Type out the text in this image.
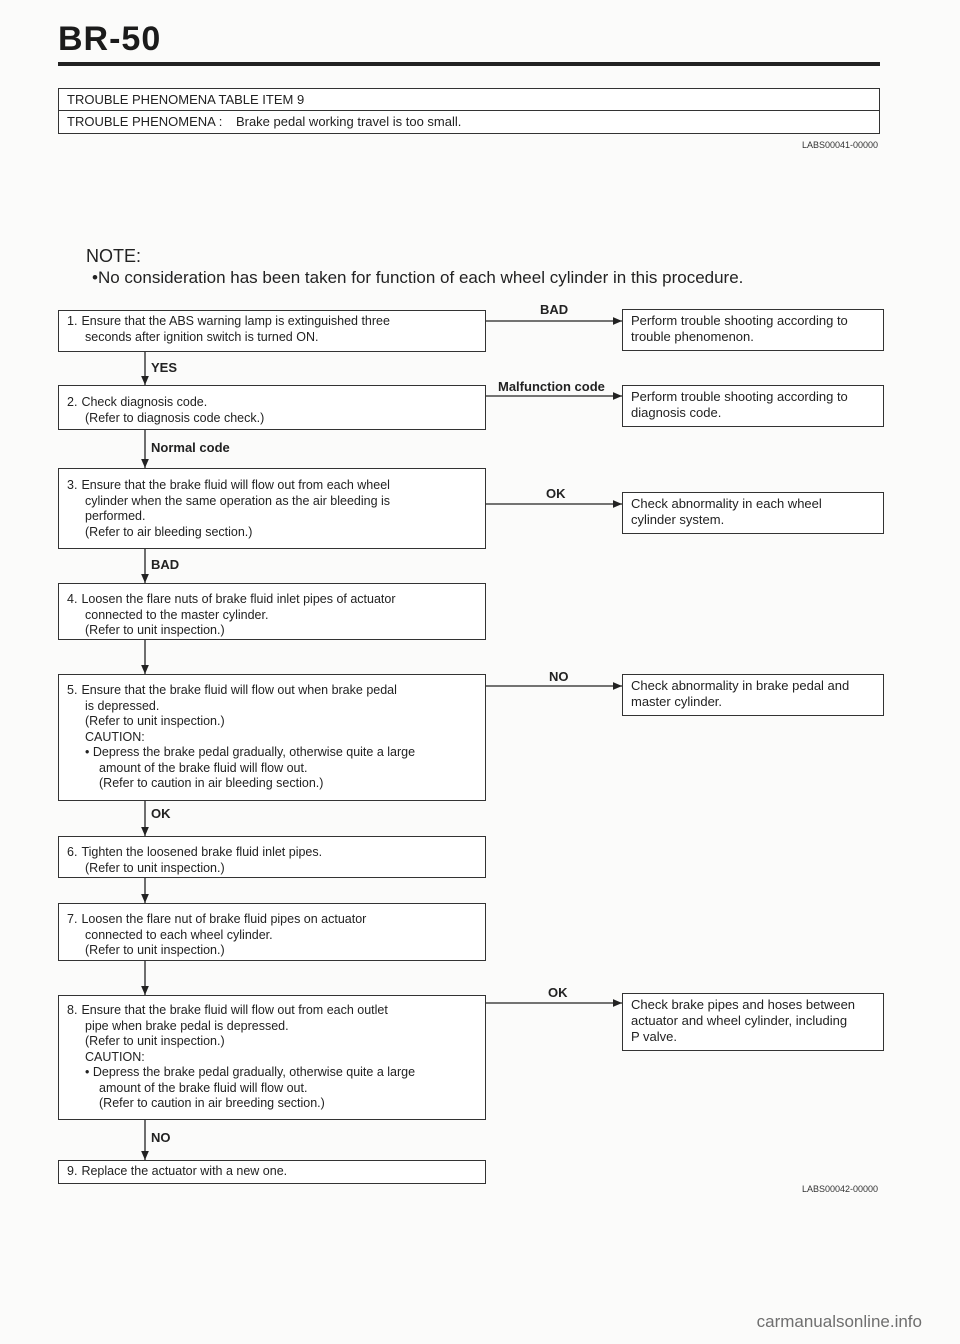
BR-50
TROUBLE PHENOMENA TABLE ITEM 9
TROUBLE PHENOMENA : Brake pedal working travel is too small.
LABS00041-00000
NOTE:
•No consideration has been taken for function of each wheel cylinder in this procedure.
1. Ensure that the ABS warning lamp is extinguished three
seconds after ignition switch is turned ON.
2. Check diagnosis code.
(Refer to diagnosis code check.)
3. Ensure that the brake fluid will flow out from each wheel
cylinder when the same operation as the air bleeding is
performed.
(Refer to air bleeding section.)
4. Loosen the flare nuts of brake fluid inlet pipes of actuator
connected to the master cylinder.
(Refer to unit inspection.)
5. Ensure that the brake fluid will flow out when brake pedal
is depressed.
(Refer to unit inspection.)
CAUTION:
• Depress the brake pedal gradually, otherwise quite a large
amount of the brake fluid will flow out.
(Refer to caution in air bleeding section.)
6. Tighten the loosened brake fluid inlet pipes.
(Refer to unit inspection.)
7. Loosen the flare nut of brake fluid pipes on actuator
connected to each wheel cylinder.
(Refer to unit inspection.)
8. Ensure that the brake fluid will flow out from each outlet
pipe when brake pedal is depressed.
(Refer to unit inspection.)
CAUTION:
• Depress the brake pedal gradually, otherwise quite a large
amount of the brake fluid will flow out.
(Refer to caution in air breeding section.)
9. Replace the actuator with a new one.
Perform trouble shooting according to
trouble phenomenon.
Perform trouble shooting according to
diagnosis code.
Check abnormality in each wheel
cylinder system.
Check abnormality in brake pedal and
master cylinder.
Check brake pipes and hoses between
actuator and wheel cylinder, including
P valve.
BAD
Malfunction code
OK
NO
OK
YES
Normal code
BAD
OK
NO
LABS00042-00000
carmanualsonline.info
